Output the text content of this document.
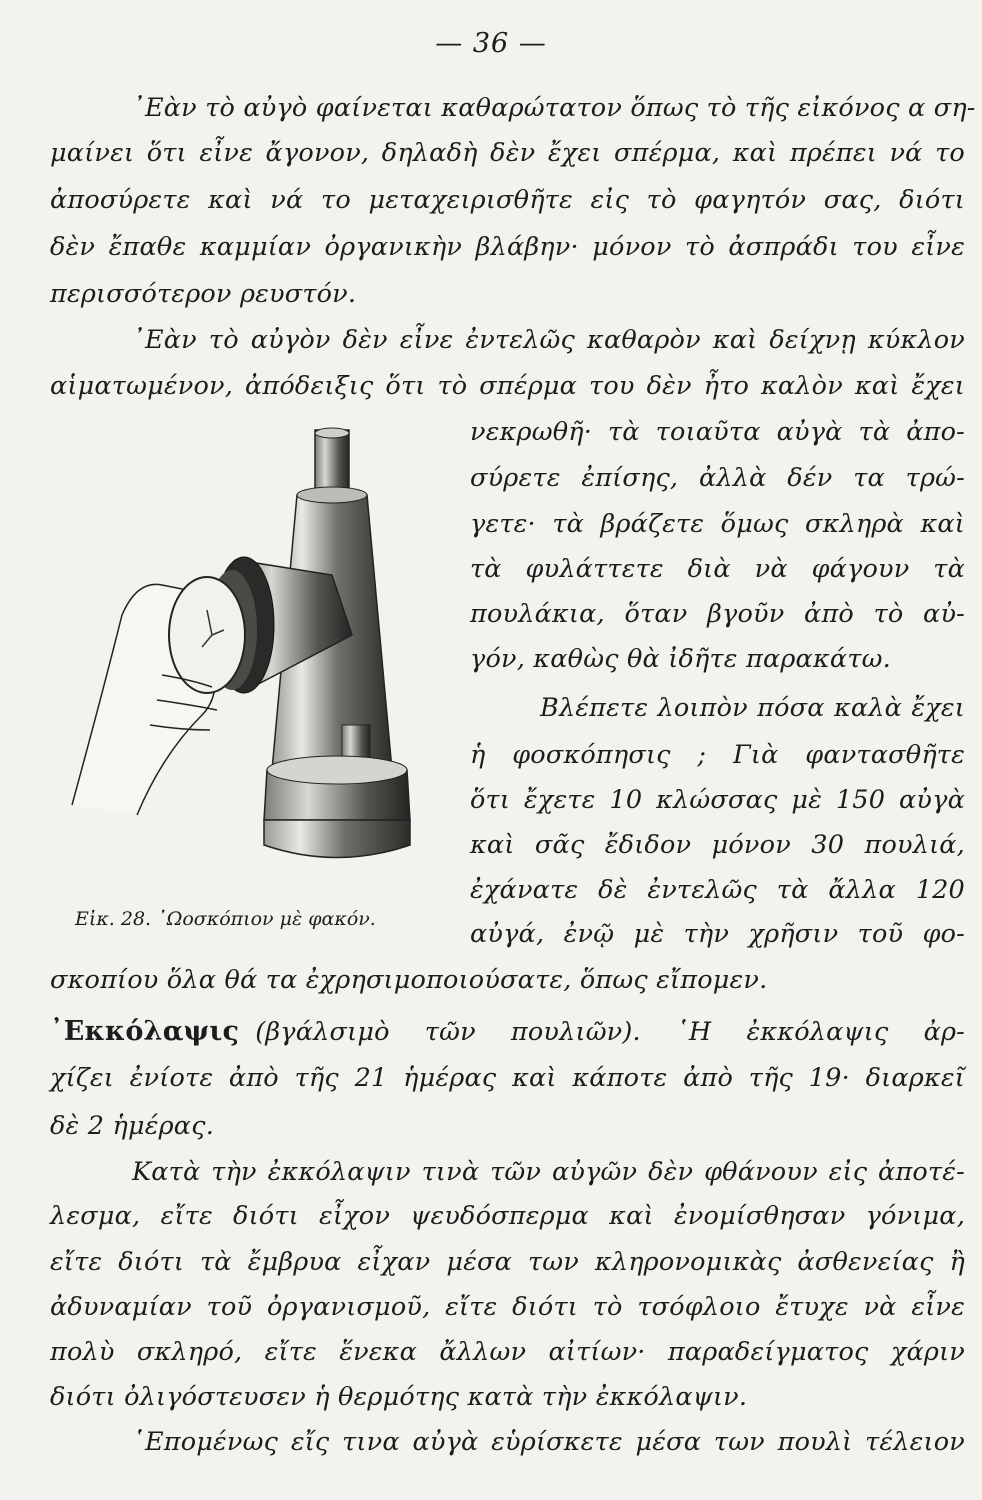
— 36 —
᾿Εὰν τὸ αὐγὸ φαίνεται καθαρώτατον ὅπως τὸ τῆς εἰκόνος α ση-
μαίνει ὅτι εἶνε ἄγονον, δηλαδὴ δὲν ἔχει σπέρμα, καὶ πρέπει νά το
ἀποσύρετε καὶ νά το μεταχειρισθῆτε εἰς τὸ φαγητόν σας, διότι
δὲν ἔπαθε καμμίαν ὀργανικὴν βλάβην· μόνον τὸ ἀσπράδι του εἶνε
περισσότερον ρευστόν.
᾿Εὰν τὸ αὐγὸν δὲν εἶνε ἐντελῶς καθαρὸν καὶ δείχνῃ κύκλον
αἱματωμένον, ἀπόδειξις ὅτι τὸ σπέρμα του δὲν ἦτο καλὸν καὶ ἔχει
νεκρωθῆ· τὰ τοιαῦτα αὐγὰ τὰ ἀπο-
σύρετε ἐπίσης, ἀλλὰ δέν τα τρώ-
γετε· τὰ βράζετε ὅμως σκληρὰ καὶ
τὰ φυλάττετε διὰ νὰ φάγουν τὰ
πουλάκια, ὅταν βγοῦν ἀπὸ τὸ αὐ-
γόν, καθὼς θὰ ἰδῆτε παρακάτω.
Βλέπετε λοιπὸν πόσα καλὰ ἔχει
ἡ φοσκόπησις ; Γιὰ φαντασθῆτε
ὅτι ἔχετε 10 κλώσσας μὲ 150 αὐγὰ
καὶ σᾶς ἔδιδον μόνον 30 πουλιά,
ἐχάνατε δὲ ἐντελῶς τὰ ἄλλα 120
αὐγά, ἐνῷ μὲ τὴν χρῆσιν τοῦ φο-
σκοπίου ὅλα θά τα ἐχρησιμοποιούσατε, ὅπως εἴπομεν.
᾿Εκκόλαψις (βγάλσιμὸ τῶν πουλιῶν). ῾Η ἐκκόλαψις ἀρ-
χίζει ἐνίοτε ἀπὸ τῆς 21 ἡμέρας καὶ κάποτε ἀπὸ τῆς 19· διαρκεῖ
δὲ 2 ἡμέρας.
Κατὰ τὴν ἐκκόλαψιν τινὰ τῶν αὐγῶν δὲν φθάνουν εἰς ἀποτέ-
λεσμα, εἴτε διότι εἶχον ψευδόσπερμα καὶ ἐνομίσθησαν γόνιμα,
εἴτε διότι τὰ ἔμβρυα εἶχαν μέσα των κληρονομικὰς ἀσθενείας ἢ
ἀδυναμίαν τοῦ ὀργανισμοῦ, εἴτε διότι τὸ τσόφλοιο ἔτυχε νὰ εἶνε
πολὺ σκληρό, εἴτε ἕνεκα ἄλλων αἰτίων· παραδείγματος χάριν
διότι ὀλιγόστευσεν ἡ θερμότης κατὰ τὴν ἐκκόλαψιν.
῾Επομένως εἴς τινα αὐγὰ εὑρίσκετε μέσα των πουλὶ τέλειον
Εἰκ. 28. ᾿Ωοσκόπιον μὲ φακόν.
